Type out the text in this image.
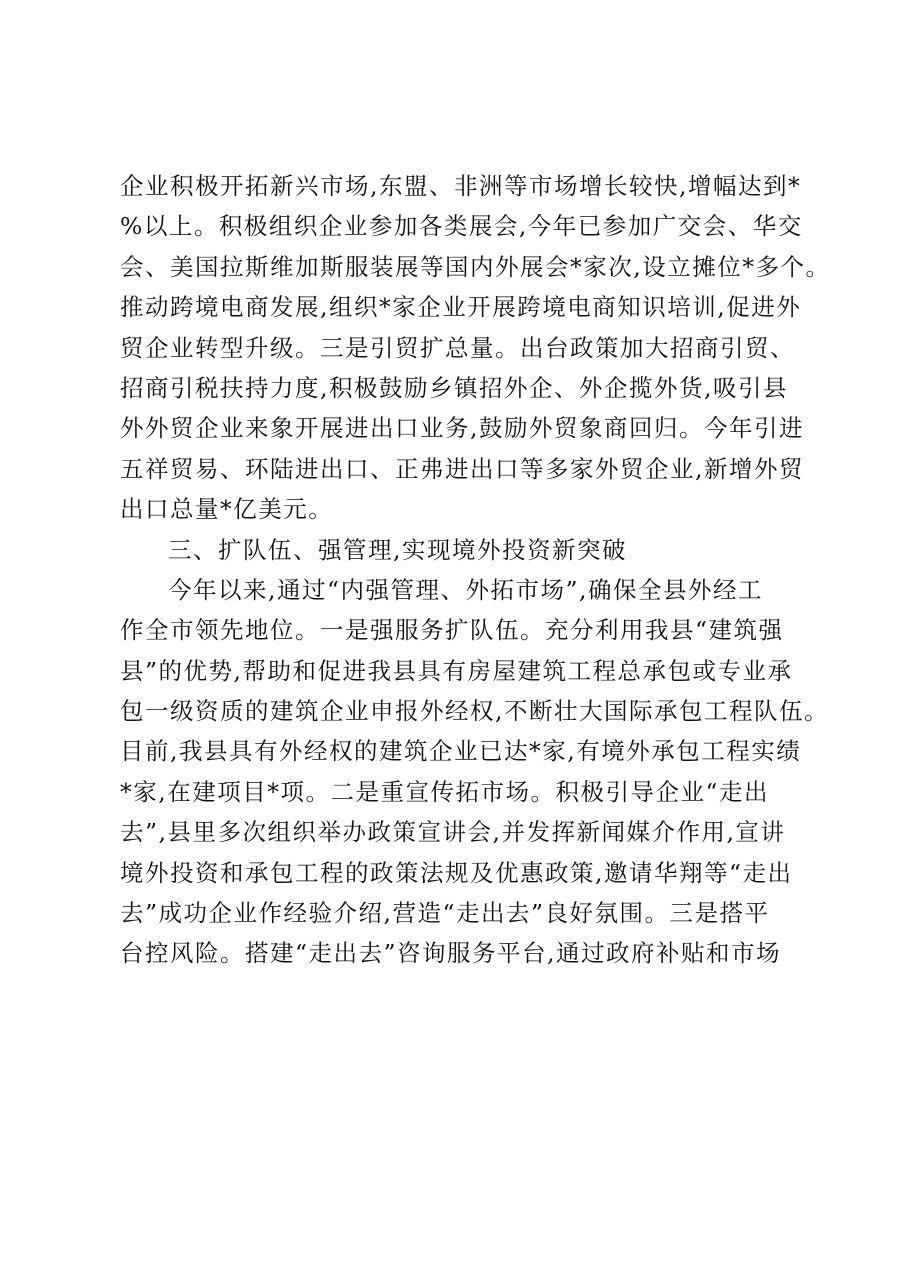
企业积极开拓新兴市场,东盟、非洲等市场增长较快,增幅达到*
%以上。积极组织企业参加各类展会,今年已参加广交会、华交
会、美国拉斯维加斯服装展等国内外展会*家次,设立摊位*多个。
推动跨境电商发展,组织*家企业开展跨境电商知识培训,促进外
贸企业转型升级。三是引贸扩总量。出台政策加大招商引贸、
招商引税扶持力度,积极鼓励乡镇招外企、外企揽外货,吸引县
外外贸企业来象开展进出口业务,鼓励外贸象商回归。今年引进
五祥贸易、环陆进出口、正弗进出口等多家外贸企业,新增外贸
出口总量*亿美元。
三、扩队伍、强管理,实现境外投资新突破
今年以来,通过“内强管理、外拓市场”,确保全县外经工
作全市领先地位。一是强服务扩队伍。充分利用我县“建筑强
县”的优势,帮助和促进我县具有房屋建筑工程总承包或专业承
包一级资质的建筑企业申报外经权,不断壮大国际承包工程队伍。
目前,我县具有外经权的建筑企业已达*家,有境外承包工程实绩
*家,在建项目*项。二是重宣传拓市场。积极引导企业“走出
去”,县里多次组织举办政策宣讲会,并发挥新闻媒介作用,宣讲
境外投资和承包工程的政策法规及优惠政策,邀请华翔等“走出
去”成功企业作经验介绍,营造“走出去”良好氛围。三是搭平
台控风险。搭建“走出去”咨询服务平台,通过政府补贴和市场
